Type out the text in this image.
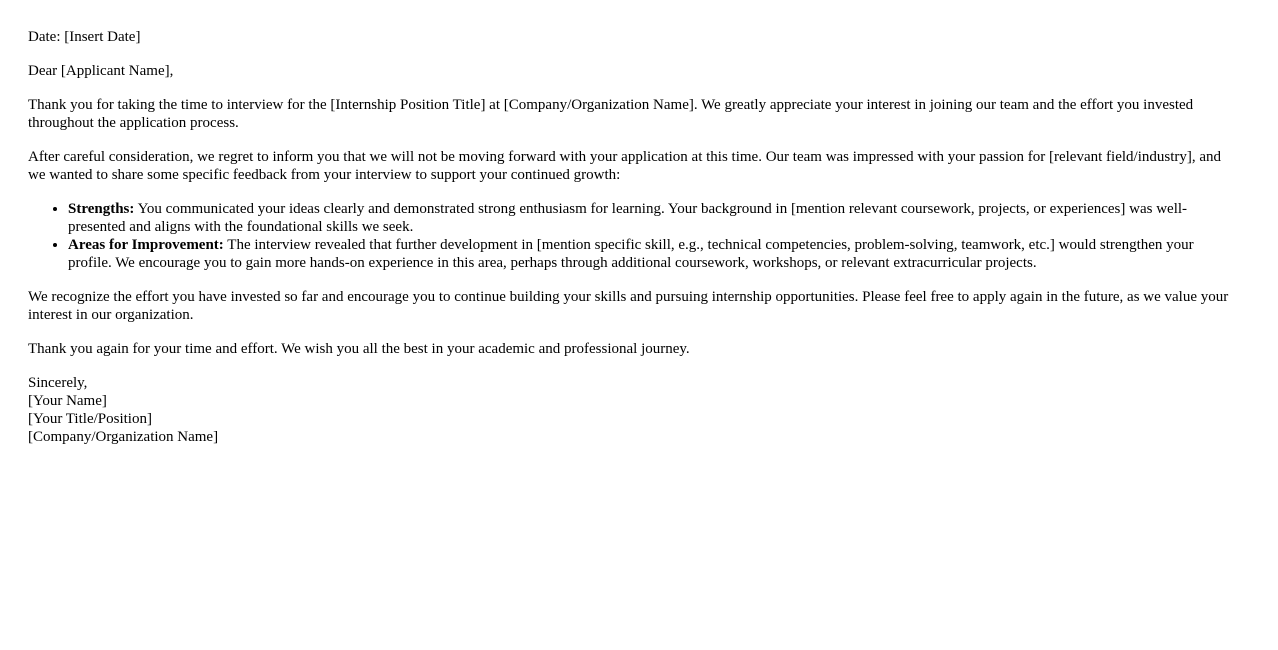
Date: [Insert Date]

Dear [Applicant Name],

Thank you for taking the time to interview for the [Internship Position Title] at [Company/Organization Name]. We greatly appreciate your interest in joining our team and the effort you invested throughout the application process.

After careful consideration, we regret to inform you that we will not be moving forward with your application at this time. Our team was impressed with your passion for [relevant field/industry], and we wanted to share some specific feedback from your interview to support your continued growth:

• Strengths: You communicated your ideas clearly and demonstrated strong enthusiasm for learning. Your background in [mention relevant coursework, projects, or experiences] was well-presented and aligns with the foundational skills we seek.
• Areas for Improvement: The interview revealed that further development in [mention specific skill, e.g., technical competencies, problem-solving, teamwork, etc.] would strengthen your profile. We encourage you to gain more hands-on experience in this area, perhaps through additional coursework, workshops, or relevant extracurricular projects.

We recognize the effort you have invested so far and encourage you to continue building your skills and pursuing internship opportunities. Please feel free to apply again in the future, as we value your interest in our organization.

Thank you again for your time and effort. We wish you all the best in your academic and professional journey.

Sincerely,
[Your Name]
[Your Title/Position]
[Company/Organization Name]
